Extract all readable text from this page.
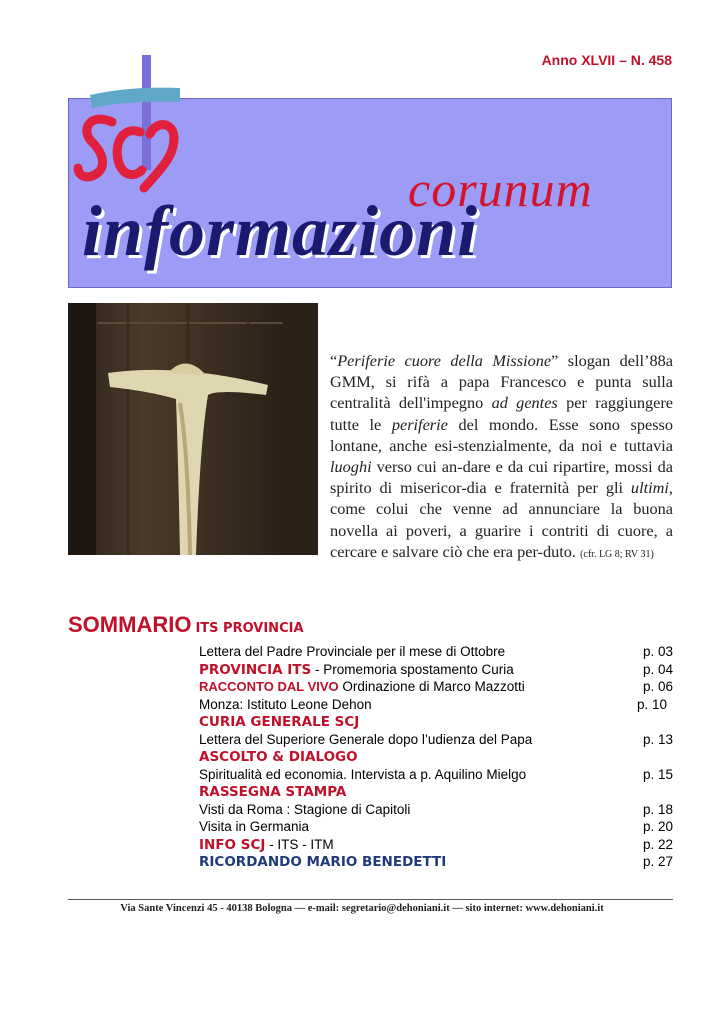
Anno XLVII – N. 458
corunum
informazioni
“Periferie cuore della Missione” slogan dell’88a GMM, si rifà a papa Francesco e punta sulla centralità dell'impegno ad gentes per raggiungere tutte le periferie del mondo. Esse sono spesso lontane, anche esi-stenzialmente, da noi e tuttavia luoghi verso cui an-dare e da cui ripartire, mossi da spirito di misericor-dia e fraternità per gli ultimi, come colui che venne ad annunciare la buona novella ai poveri, a guarire i contriti di cuore, a cercare e salvare ciò che era per-duto. (cfr. LG 8; RV 31)
SOMMARIO ITS PROVINCIA
Lettera del Padre Provinciale per il mese di Ottobre	p. 03
PROVINCIA ITS - Promemoria spostamento Curia	p. 04
RACCONTO DAL VIVO Ordinazione di Marco Mazzotti	p. 06
Monza: Istituto Leone Dehon	p. 10
CURIA GENERALE SCJ
Lettera del Superiore Generale dopo l’udienza del Papa	p. 13
ASCOLTO & DIALOGO
Spiritualità ed economia. Intervista a p. Aquilino Mielgo	p. 15
RASSEGNA STAMPA
Visti da Roma : Stagione di Capitoli	p. 18
Visita in Germania	p. 20
INFO SCJ - ITS - ITM	p. 22
RICORDANDO MARIO BENEDETTI	p. 27
Via Sante Vincenzi 45 - 40138 Bologna — e-mail: segretario@dehoniani.it — sito internet: www.dehoniani.it
